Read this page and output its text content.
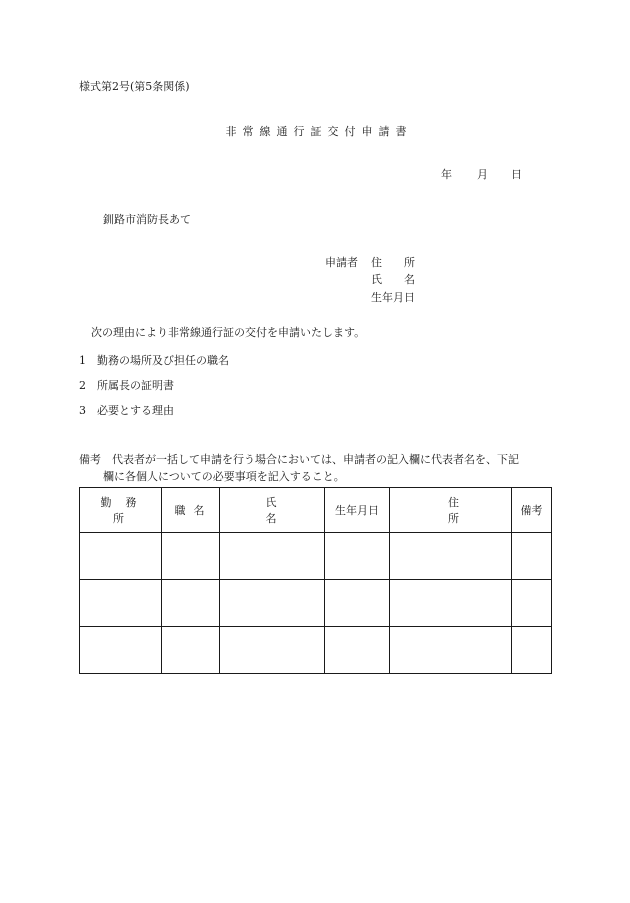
様式第2号(第5条関係)
非常線通行証交付申請書
年 月 日
釧路市消防長あて
申請者 住所
氏名
生年月日
次の理由により非常線通行証の交付を申請いたします。
1 勤務の場所及び担任の職名
2 所属長の証明書
3 必要とする理由
備考　代表者が一括して申請を行う場合においては、申請者の記入欄に代表者名を、下記
欄に各個人についての必要事項を記入すること。
勤務所	職名	氏名	生年月日	住所	備考
